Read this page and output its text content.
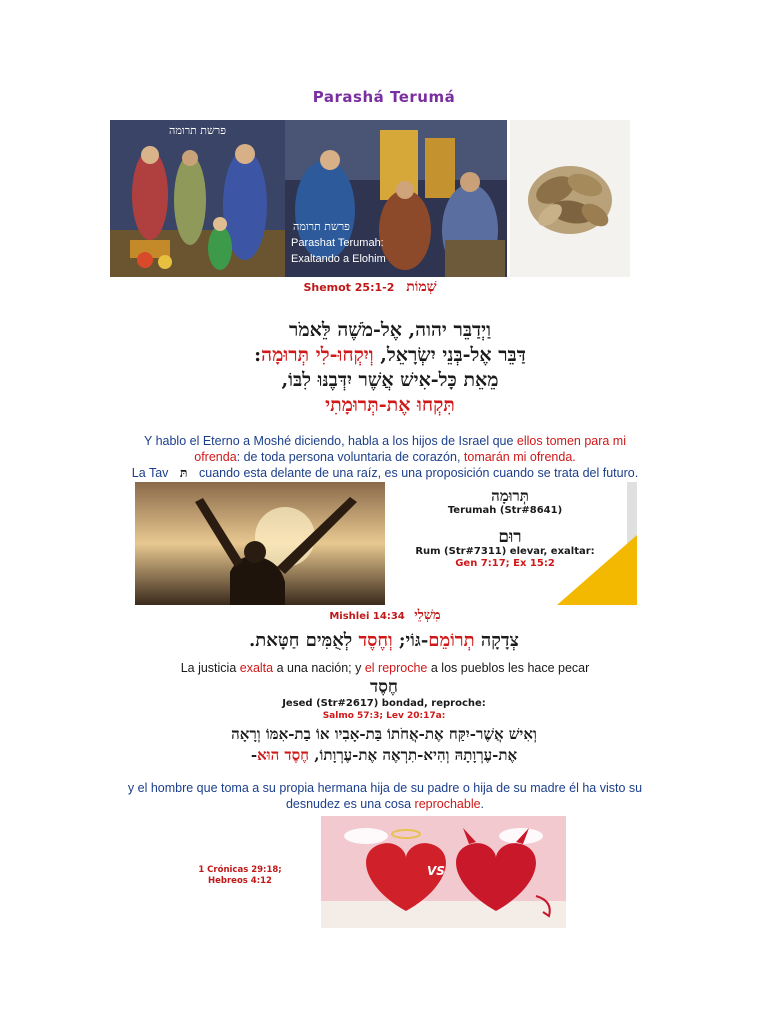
Parashá Terumá
פרשת תרומה
פרשת תרומה
Parashat Terumah:
Exaltando a Elohim
Shemot 25:1-2 שְׁמוֹת
וַיְדַבֵּר יהוה, אֶל-מֹשֶׁה לֵּאמֹר
דַּבֵּר אֶל-בְּנֵי יִשְׂרָאֵל, וְיִקְחוּ-לִי תְּרוּמָה:
מֵאֵת כָּל-אִישׁ אֲשֶׁר יִדְּבֶנּוּ לִבּוֹ,
תִּקְחוּ אֶת-תְּרוּמָתִי
Y hablo el Eterno a Moshé diciendo, habla a los hijos de Israel que ellos tomen para mi ofrenda: de toda persona voluntaria de corazón, tomarán mi ofrenda.
La Tav תּ cuando esta delante de una raíz, es una proposición cuando se trata del futuro.
תְּרוּמָה
Terumah (Str#8641)
רוּם
Rum (Str#7311) elevar, exaltar:
Gen 7:17; Ex 15:2
Mishlei 14:34 מִשְׁלֵי
צְדָקָה תְרוֹמֵם-גּוֹי; וְחֶסֶד לְאֻמִּים חַטָּאת.
La justicia exalta a una nación; y el reproche a los pueblos les hace pecar
חֶסֶד
Jesed (Str#2617) bondad, reproche:
Salmo 57:3; Lev 20:17a:
וְאִישׁ אֲשֶׁר-יִקַּח אֶת-אֲחֹתוֹ בַּת-אָבִיו אוֹ בַת-אִמּוֹ וְרָאָה
אֶת-עֶרְוָתָהּ וְהִיא-תִרְאֶה אֶת-עֶרְוָתוֹ, חֶסֶד הוּא-
y el hombre que toma a su propia hermana hija de su padre o hija de su madre él ha visto su desnudez es una cosa reprochable.
1 Crónicas 29:18;
Hebreos 4:12
VS
